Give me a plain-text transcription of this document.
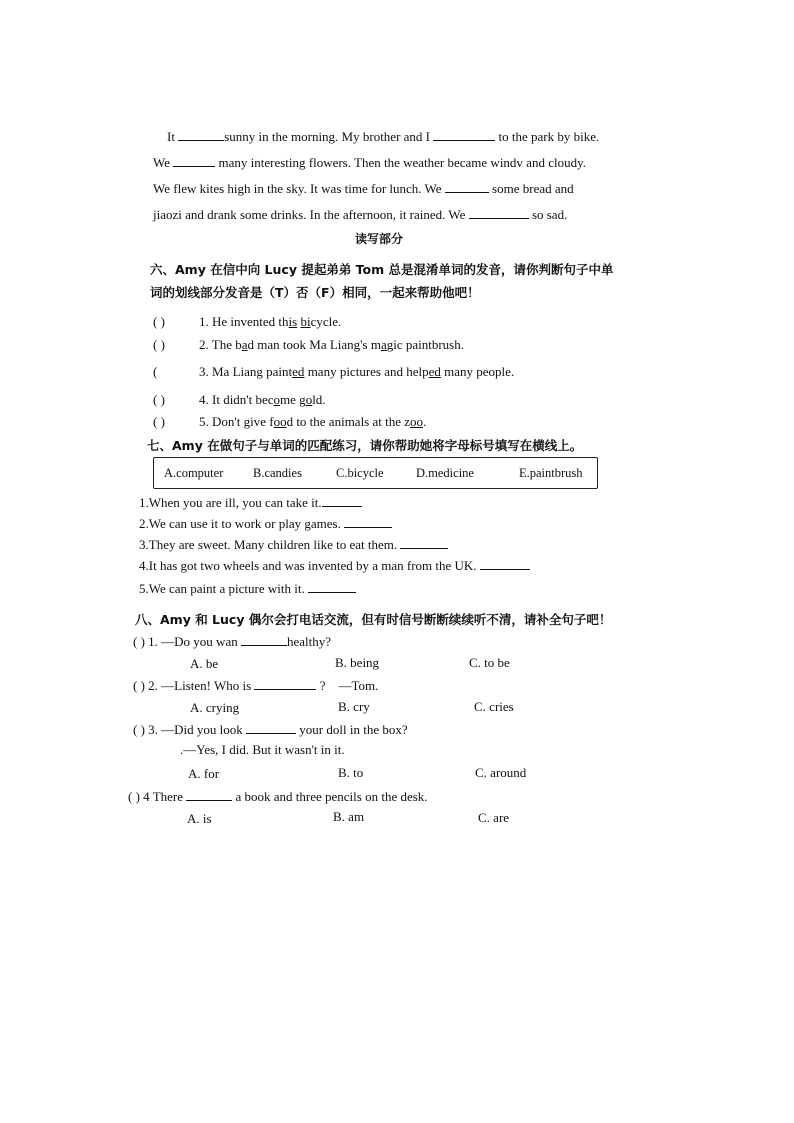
It	sunny in the morning. My brother and I	to the park by bike.
We	many interesting flowers. Then the weather became windv and cloudy.
We flew kites high in the sky. It was time for lunch. We	some bread and
jiaozi and drank some drinks. In the afternoon, it rained. We	so sad.
读写部分
六、Amy 在信中向 Lucy 提起弟弟 Tom 总是混淆单词的发音，请你判断句子中单
词的划线部分发音是（T）否（F）相同，一起来帮助他吧！
( )	1. He invented this bicycle.
( )	2. The bad man took Ma Liang's magic paintbrush.
(	3. Ma Liang painted many pictures and helped many people.
( )	4. It didn't become gold.
( )	5. Don't give food to the animals at the zoo.
七、Amy 在做句子与单词的匹配练习，请你帮助她将字母标号填写在横线上。
A.computer B.candies	C.bicycle	D.medicine	E.paintbrush
1.When you are ill, you can take it.
2.We can use it to work or play games.
3.They are sweet. Many children like to eat them.
4.It has got two wheels and was invented by a man from the UK.
5.We can paint a picture with it.
八、Amy 和 Lucy 偶尔会打电话交流，但有时信号断断续续听不清，请补全句子吧！
( ) 1. —Do you wan	healthy?
A. be	B. being	C. to be
( ) 2. —Listen! Who is	? —Tom.
A. crying	B. cry	C. cries
( ) 3. —Did you look	your doll in the box?
.—Yes, I did. But it wasn't in it.
A. for	B. to	C. around
( ) 4 There	a book and three pencils on the desk.
A. is	B. am	C. are
